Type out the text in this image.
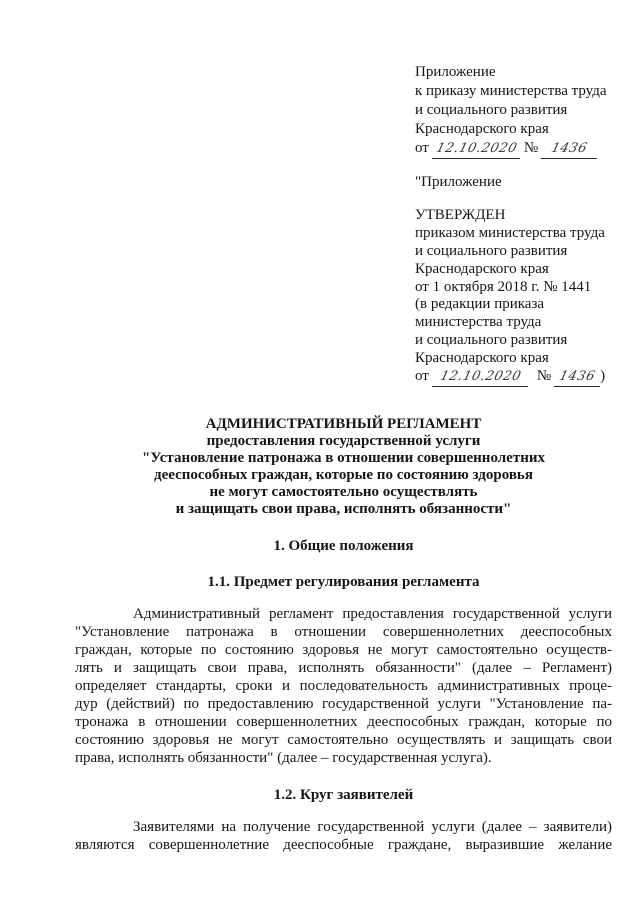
Приложение
к приказу министерства труда
и социального развития
Краснодарского края
от 12.10.2020 № 1436
"Приложение
УТВЕРЖДЕН
приказом министерства труда
и социального развития
Краснодарского края
от 1 октября 2018 г. № 1441
(в редакции приказа
министерства труда
и социального развития
Краснодарского края
от 12.10.2020 № 1436 )
АДМИНИСТРАТИВНЫЙ РЕГЛАМЕНТ
предоставления государственной услуги
"Установление патронажа в отношении совершеннолетних
дееспособных граждан, которые по состоянию здоровья
не могут самостоятельно осуществлять
и защищать свои права, исполнять обязанности"
1. Общие положения
1.1. Предмет регулирования регламента
Административный регламент предоставления государственной услуги
"Установление патронажа в отношении совершеннолетних дееспособных
граждан, которые по состоянию здоровья не могут самостоятельно осуществ-
лять и защищать свои права, исполнять обязанности" (далее – Регламент)
определяет стандарты, сроки и последовательность административных проце-
дур (действий) по предоставлению государственной услуги "Установление па-
тронажа в отношении совершеннолетних дееспособных граждан, которые по
состоянию здоровья не могут самостоятельно осуществлять и защищать свои
права, исполнять обязанности" (далее – государственная услуга).
1.2. Круг заявителей
Заявителями на получение государственной услуги (далее – заявители)
являются совершеннолетние дееспособные граждане, выразившие желание
